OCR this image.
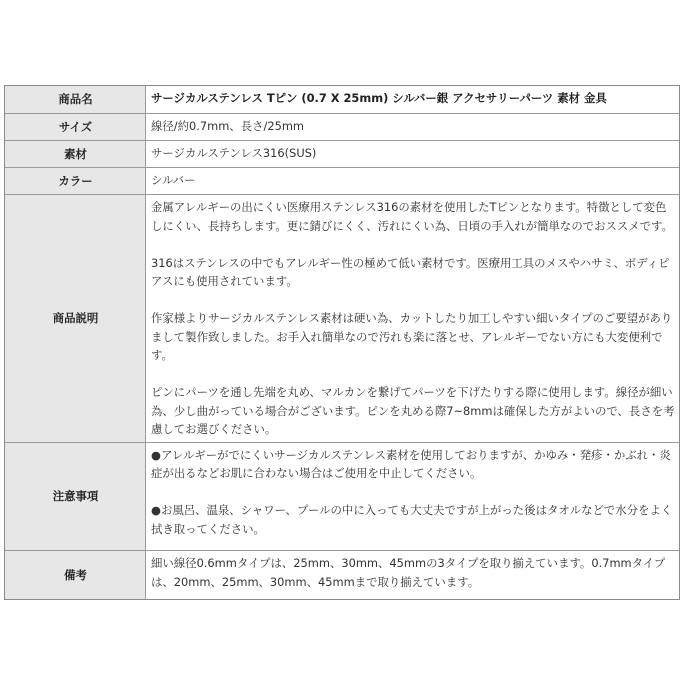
商品名	サージカルステンレス Tピン (0.7 X 25mm) シルバー銀 アクセサリーパーツ 素材 金具
サイズ	線径/約0.7mm、長さ/25mm
素材	サージカルステンレス316(SUS)
カラー	シルバー
商品説明	金属アレルギーの出にくい医療用ステンレス316の素材を使用したTピンとなります。特徴として変色しにくい、長持ちします。更に錆びにくく、汚れにくい為、日頃の手入れが簡単なのでおススメです。
316はステンレスの中でもアレルギー性の極めて低い素材です。医療用工具のメスやハサミ、ボディピアスにも使用されています。
作家様よりサージカルステンレス素材は硬い為、カットしたり加工しやすい細いタイプのご要望がありまして製作致しました。お手入れ簡単なので汚れも楽に落とせ、アレルギーでない方にも大変便利です。
ピンにパーツを通し先端を丸め、マルカンを繋げてパーツを下げたりする際に使用します。線径が細い為、少し曲がっている場合がございます。ピンを丸める際7~8mmは確保した方がよいので、長さを考慮してお選びください。

注意事項	●アレルギーがでにくいサージカルステンレス素材を使用しておりますが、かゆみ・発疹・かぶれ・炎症が出るなどお肌に合わない場合はご使用を中止してください。
●お風呂、温泉、シャワー、プールの中に入っても大丈夫ですが上がった後はタオルなどで水分をよく拭き取ってください。

備考	細い線径0.6mmタイプは、25mm、30mm、45mmの3タイプを取り揃えています。0.7mmタイプは、20mm、25mm、30mm、45mmまで取り揃えています。
